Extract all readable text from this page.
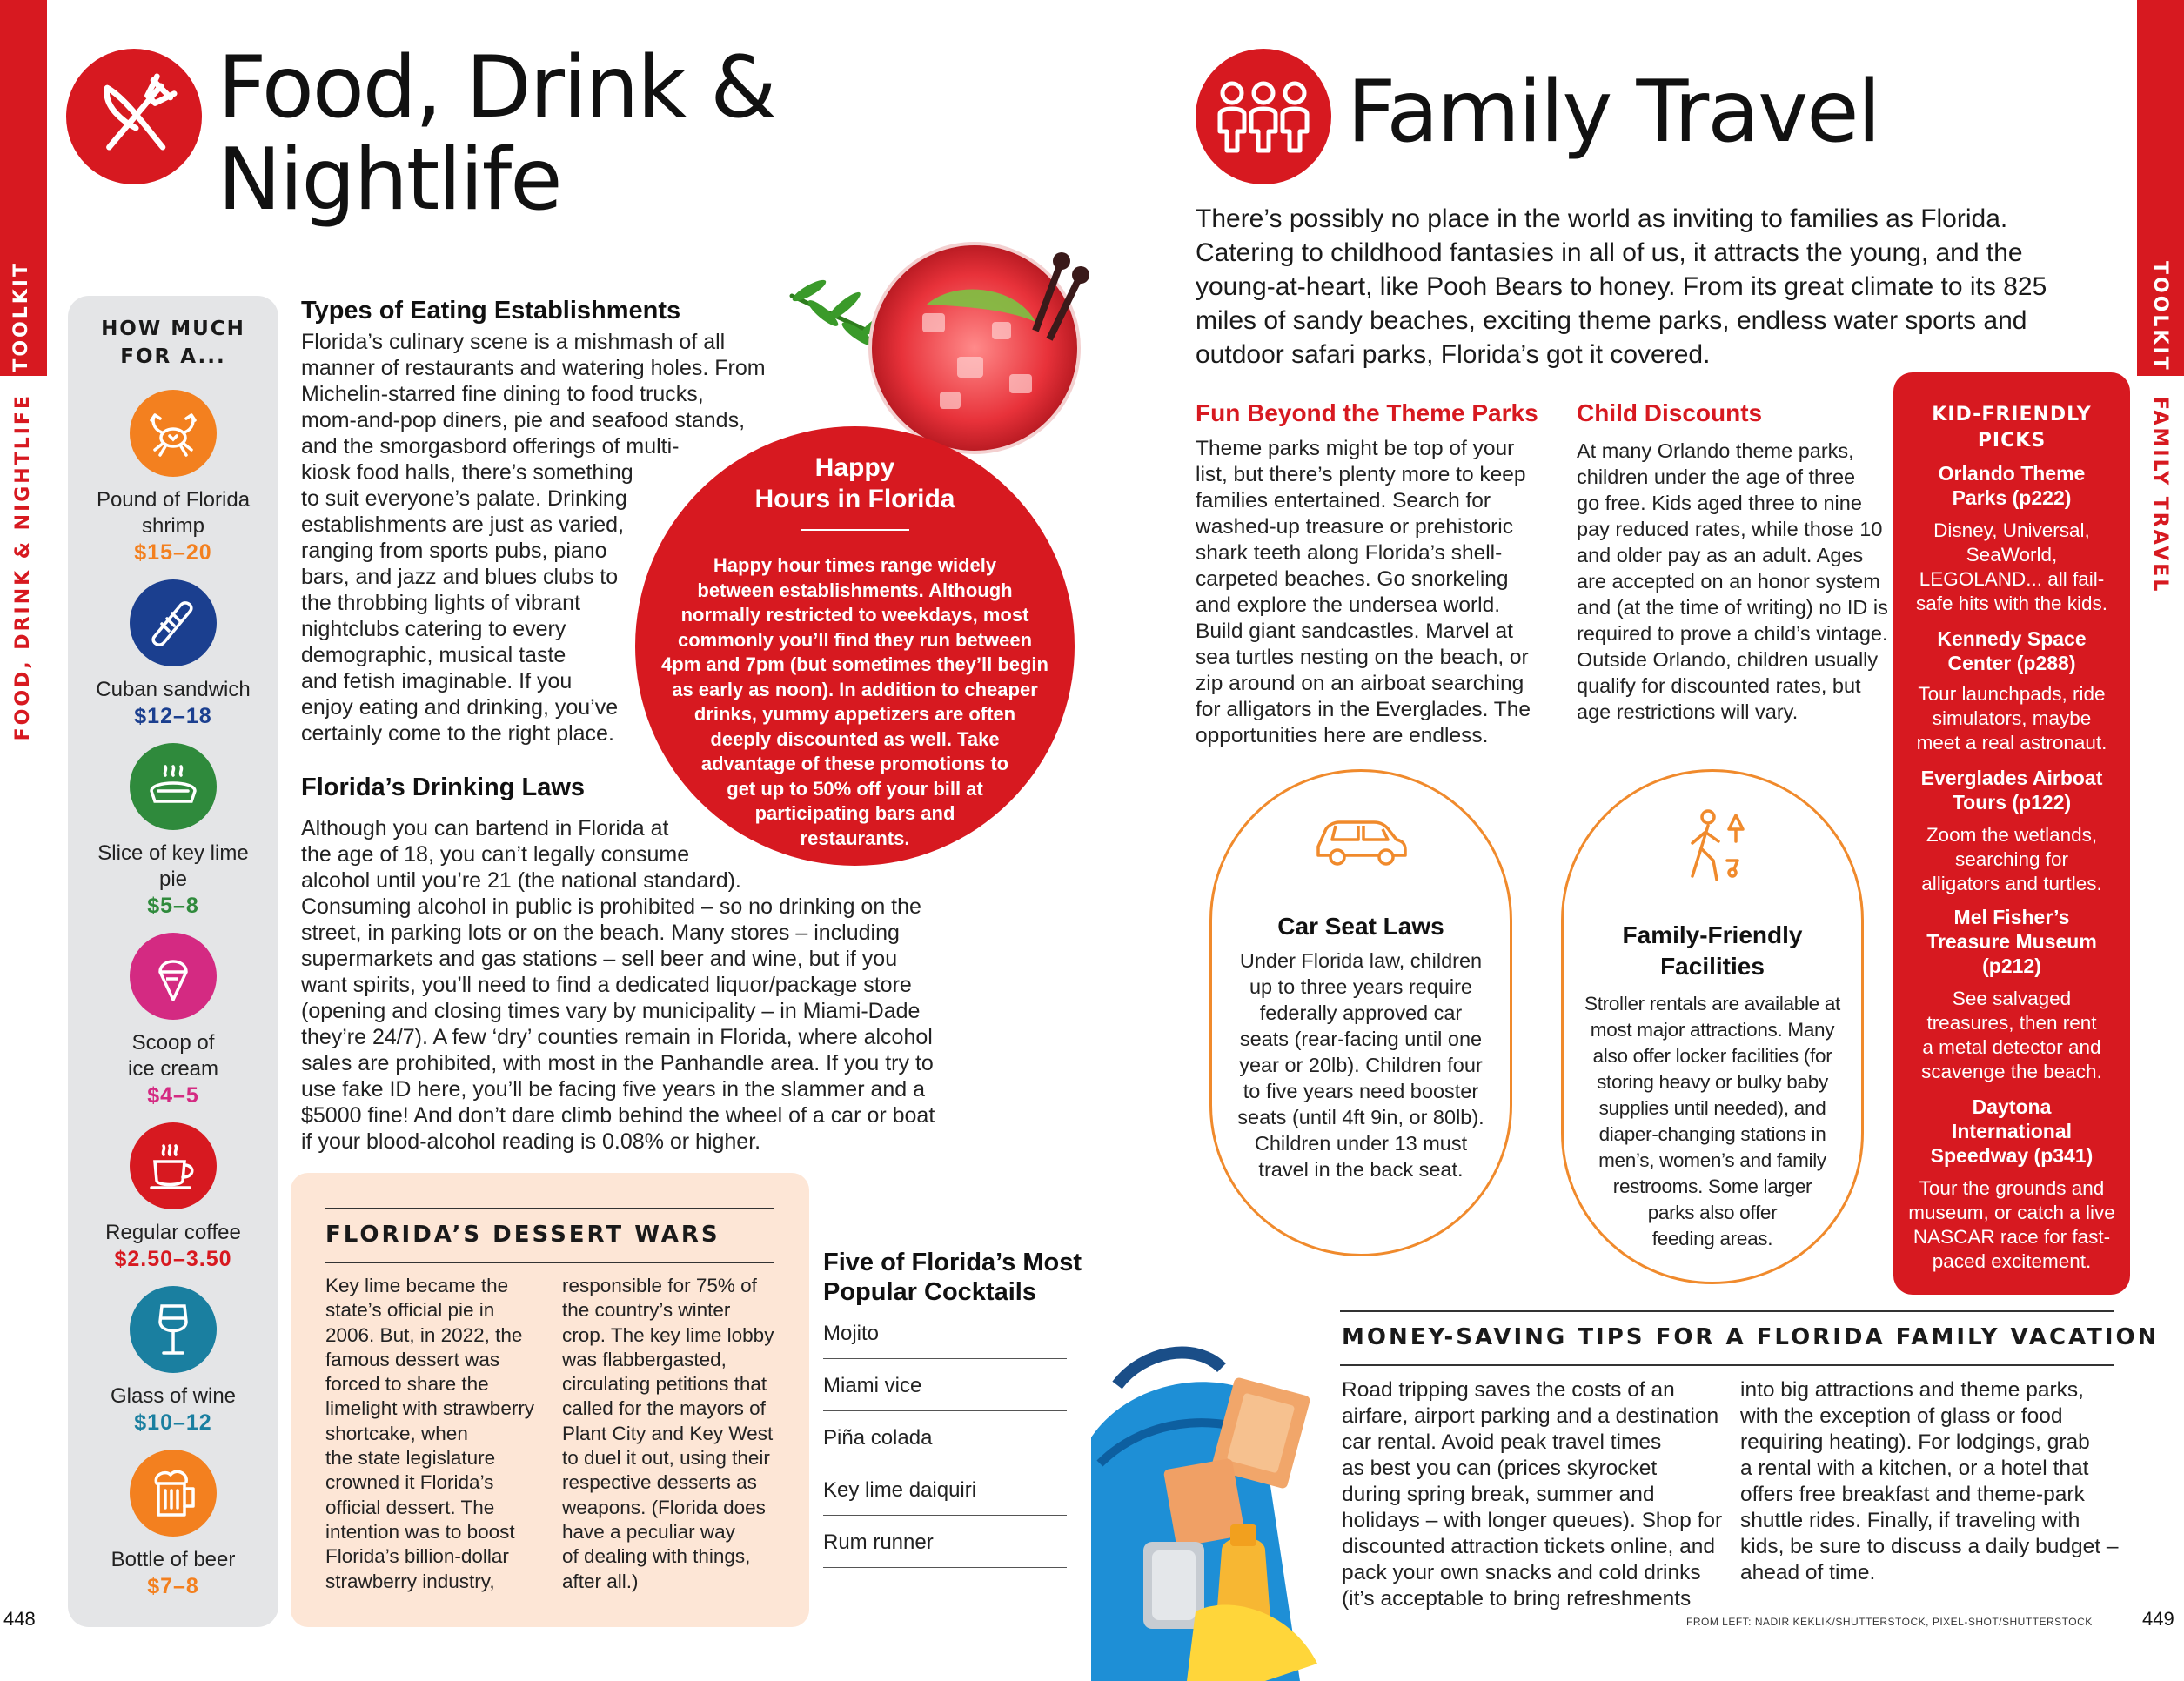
TOOLKIT
FOOD, DRINK & NIGHTLIFE
Food, Drink &
Nightlife
HOW MUCH
FOR A...
Pound of Florida
shrimp
$15–20
Cuban sandwich
$12–18
Slice of key lime
pie
$5–8
Scoop of
ice cream
$4–5
Regular coffee
$2.50–3.50
Glass of wine
$10–12
Bottle of beer
$7–8
Types of Eating Establishments
Florida’s culinary scene is a mishmash of all
manner of restaurants and watering holes. From
Michelin-starred fine dining to food trucks,
mom-and-pop diners, pie and seafood stands,
and the smorgasbord offerings of multi-
kiosk food halls, there’s something
to suit everyone’s palate. Drinking
establishments are just as varied,
ranging from sports pubs, piano
bars, and jazz and blues clubs to
the throbbing lights of vibrant
nightclubs catering to every
demographic, musical taste
and fetish imaginable. If you
enjoy eating and drinking, you’ve
certainly come to the right place.
Happy
Hours in Florida
Happy hour times range widely
between establishments. Although
normally restricted to weekdays, most
commonly you’ll find they run between
4pm and 7pm (but sometimes they’ll begin
as early as noon). In addition to cheaper
drinks, yummy appetizers are often
deeply discounted as well. Take
advantage of these promotions to
get up to 50% off your bill at
participating bars and
restaurants.
Florida’s Drinking Laws
Although you can bartend in Florida at
the age of 18, you can’t legally consume
alcohol until you’re 21 (the national standard).
Consuming alcohol in public is prohibited – so no drinking on the
street, in parking lots or on the beach. Many stores – including
supermarkets and gas stations – sell beer and wine, but if you
want spirits, you’ll need to find a dedicated liquor/package store
(opening and closing times vary by municipality – in Miami-Dade
they’re 24/7). A few ‘dry’ counties remain in Florida, where alcohol
sales are prohibited, with most in the Panhandle area. If you try to
use fake ID here, you’ll be facing five years in the slammer and a
$5000 fine! And don’t dare climb behind the wheel of a car or boat
if your blood-alcohol reading is 0.08% or higher.
FLORIDA’S DESSERT WARS
Key lime became the
state’s official pie in
2006. But, in 2022, the
famous dessert was
forced to share the
limelight with strawberry
shortcake, when
the state legislature
crowned it Florida’s
official dessert. The
intention was to boost
Florida’s billion-dollar
strawberry industry,
responsible for 75% of
the country’s winter
crop. The key lime lobby
was flabbergasted,
circulating petitions that
called for the mayors of
Plant City and Key West
to duel it out, using their
respective desserts as
weapons. (Florida does
have a peculiar way
of dealing with things,
after all.)
Five of Florida’s Most
Popular Cocktails
Mojito
Miami vice
Piña colada
Key lime daiquiri
Rum runner
448
Family Travel
TOOLKIT
FAMILY TRAVEL
There’s possibly no place in the world as inviting to families as Florida. Catering to childhood fantasies in all of us, it attracts the young, and the young-at-heart, like Pooh Bears to honey. From its great climate to its 825 miles of sandy beaches, exciting theme parks, endless water sports and outdoor safari parks, Florida’s got it covered.
Fun Beyond the Theme Parks
Theme parks might be top of your
list, but there’s plenty more to keep
families entertained. Search for
washed-up treasure or prehistoric
shark teeth along Florida’s shell-
carpeted beaches. Go snorkeling
and explore the undersea world.
Build giant sandcastles. Marvel at
sea turtles nesting on the beach, or
zip around on an airboat searching
for alligators in the Everglades. The
opportunities here are endless.
Child Discounts
At many Orlando theme parks,
children under the age of three
go free. Kids aged three to nine
pay reduced rates, while those 10
and older pay as an adult. Ages
are accepted on an honor system
and (at the time of writing) no ID is
required to prove a child’s vintage.
Outside Orlando, children usually
qualify for discounted rates, but
age restrictions will vary.
Car Seat Laws
Under Florida law, children
up to three years require
federally approved car
seats (rear-facing until one
year or 20lb). Children four
to five years need booster
seats (until 4ft 9in, or 80lb).
Children under 13 must
travel in the back seat.
Family-Friendly
Facilities
Stroller rentals are available at
most major attractions. Many
also offer locker facilities (for
storing heavy or bulky baby
supplies until needed), and
diaper-changing stations in
men’s, women’s and family
restrooms. Some larger
parks also offer
feeding areas.
KID-FRIENDLY
PICKS
Orlando Theme
Parks (p222)
Disney, Universal,
SeaWorld,
LEGOLAND... all fail-
safe hits with the kids.
Kennedy Space
Center (p288)
Tour launchpads, ride
simulators, maybe
meet a real astronaut.
Everglades Airboat
Tours (p122)
Zoom the wetlands,
searching for
alligators and turtles.
Mel Fisher’s
Treasure Museum
(p212)
See salvaged
treasures, then rent
a metal detector and
scavenge the beach.
Daytona
International
Speedway (p341)
Tour the grounds and
museum, or catch a live
NASCAR race for fast-
paced excitement.
MONEY-SAVING TIPS FOR A FLORIDA FAMILY VACATION
Road tripping saves the costs of an
airfare, airport parking and a destination
car rental. Avoid peak travel times
as best you can (prices skyrocket
during spring break, summer and
holidays – with longer queues). Shop for
discounted attraction tickets online, and
pack your own snacks and cold drinks
(it’s acceptable to bring refreshments
into big attractions and theme parks,
with the exception of glass or food
requiring heating). For lodgings, grab
a rental with a kitchen, or a hotel that
offers free breakfast and theme-park
shuttle rides. Finally, if traveling with
kids, be sure to discuss a daily budget –
ahead of time.
FROM LEFT: NADIR KEKLIK/SHUTTERSTOCK, PIXEL-SHOT/SHUTTERSTOCK	449
